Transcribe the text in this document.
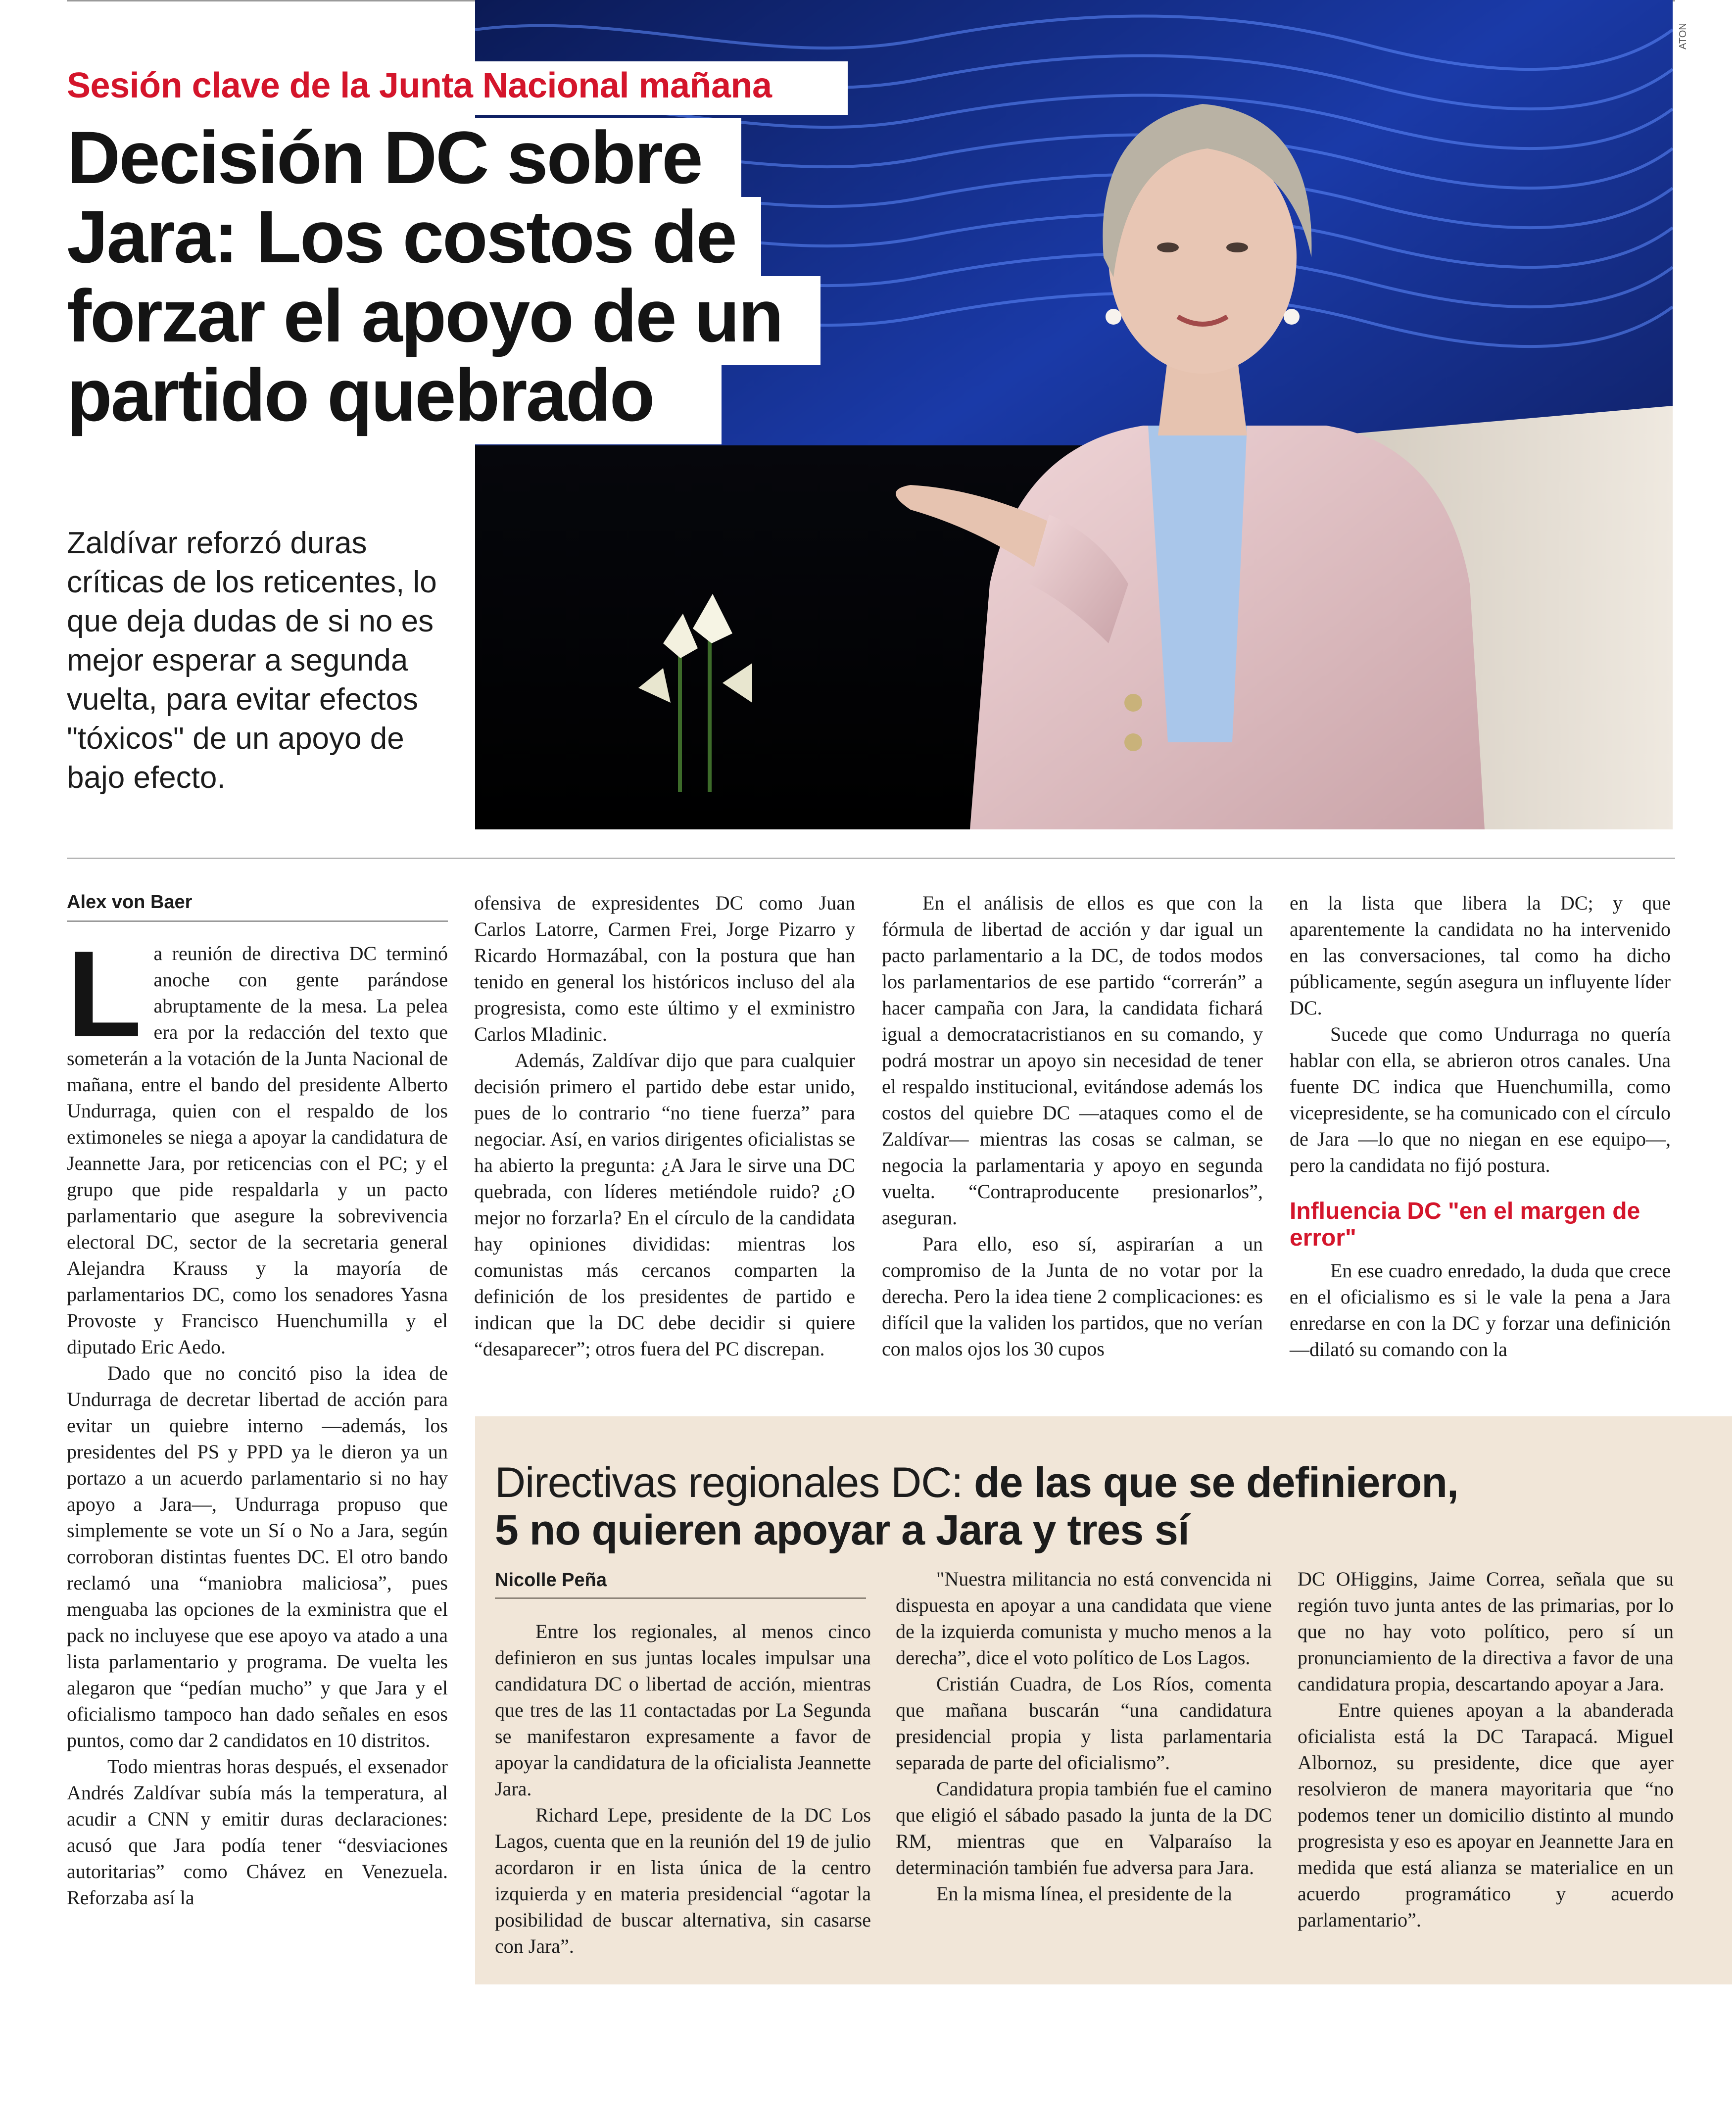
ATON
Sesión clave de la Junta Nacional mañana
Decisión DC sobre
Jara: Los costos de
forzar el apoyo de un
partido quebrado

Zaldívar reforzó duras críticas de los reticentes, lo que deja dudas de si no es mejor esperar a segunda vuelta, para evitar efectos "tóxicos" de un apoyo de bajo efecto.

Alex von Baer

La reunión de directiva DC terminó anoche con gente parándose abruptamente de la mesa. La pelea era por la redacción del texto que someterán a la votación de la Junta Nacional de mañana, entre el bando del presidente Alberto Undurraga, quien con el respaldo de los extimoneles se niega a apoyar la candidatura de Jeannette Jara, por reticencias con el PC; y el grupo que pide respaldarla y un pacto parlamentario que asegure la sobrevivencia electoral DC, sector de la secretaria general Alejandra Krauss y la mayoría de parlamentarios DC, como los senadores Yasna Provoste y Francisco Huenchumilla y el diputado Eric Aedo.

Dado que no concitó piso la idea de Undurraga de decretar libertad de acción para evitar un quiebre interno —además, los presidentes del PS y PPD ya le dieron ya un portazo a un acuerdo parlamentario si no hay apoyo a Jara—, Undurraga propuso que simplemente se vote un Sí o No a Jara, según corroboran distintas fuentes DC. El otro bando reclamó una “maniobra maliciosa”, pues menguaba las opciones de la exministra que el pack no incluyese que ese apoyo va atado a una lista parlamentario y programa. De vuelta les alegaron que “pedían mucho” y que Jara y el oficialismo tampoco han dado señales en esos puntos, como dar 2 candidatos en 10 distritos.

Todo mientras horas después, el exsenador Andrés Zaldívar subía más la temperatura, al acudir a CNN y emitir duras declaraciones: acusó que Jara podía tener “desviaciones autoritarias” como Chávez en Venezuela. Reforzaba así la

ofensiva de expresidentes DC como Juan Carlos Latorre, Carmen Frei, Jorge Pizarro y Ricardo Hormazábal, con la postura que han tenido en general los históricos incluso del ala progresista, como este último y el exministro Carlos Mladinic.

Además, Zaldívar dijo que para cualquier decisión primero el partido debe estar unido, pues de lo contrario “no tiene fuerza” para negociar. Así, en varios dirigentes oficialistas se ha abierto la pregunta: ¿A Jara le sirve una DC quebrada, con líderes metiéndole ruido? ¿O mejor no forzarla? En el círculo de la candidata hay opiniones divididas: mientras los comunistas más cercanos comparten la definición de los presidentes de partido e indican que la DC debe decidir si quiere “desaparecer”; otros fuera del PC discrepan.

En el análisis de ellos es que con la fórmula de libertad de acción y dar igual un pacto parlamentario a la DC, de todos modos los parlamentarios de ese partido “correrán” a hacer campaña con Jara, la candidata fichará igual a democratacristianos en su comando, y podrá mostrar un apoyo sin necesidad de tener el respaldo institucional, evitándose además los costos del quiebre DC —ataques como el de Zaldívar— mientras las cosas se calman, se negocia la parlamentaria y apoyo en segunda vuelta. “Contraproducente presionarlos”, aseguran.

Para ello, eso sí, aspirarían a un compromiso de la Junta de no votar por la derecha. Pero la idea tiene 2 complicaciones: es difícil que la validen los partidos, que no verían con malos ojos los 30 cupos

en la lista que libera la DC; y que aparentemente la candidata no ha intervenido en las conversaciones, tal como ha dicho públicamente, según asegura un influyente líder DC.

Sucede que como Undurraga no quería hablar con ella, se abrieron otros canales. Una fuente DC indica que Huenchumilla, como vicepresidente, se ha comunicado con el círculo de Jara —lo que no niegan en ese equipo—, pero la candidata no fijó postura.

Influencia DC "en el margen de error"

En ese cuadro enredado, la duda que crece en el oficialismo es si le vale la pena a Jara enredarse en con la DC y forzar una definición —dilató su comando con la

Directivas regionales DC: de las que se definieron,
5 no quieren apoyar a Jara y tres sí
Nicolle Peña

Entre los regionales, al menos cinco definieron en sus juntas locales impulsar una candidatura DC o libertad de acción, mientras que tres de las 11 contactadas por La Segunda se manifestaron expresamente a favor de apoyar la candidatura de la oficialista Jeannette Jara.

Richard Lepe, presidente de la DC Los Lagos, cuenta que en la reunión del 19 de julio acordaron ir en lista única de la centro izquierda y en materia presidencial “agotar la posibilidad de buscar alternativa, sin casarse con Jara”.

"Nuestra militancia no está convencida ni dispuesta en apoyar a una candidata que viene de la izquierda comunista y mucho menos a la derecha”, dice el voto político de Los Lagos.

Cristián Cuadra, de Los Ríos, comenta que mañana buscarán “una candidatura presidencial propia y lista parlamentaria separada de parte del oficialismo”.

Candidatura propia también fue el camino que eligió el sábado pasado la junta de la DC RM, mientras que en Valparaíso la determinación también fue adversa para Jara.

En la misma línea, el presidente de la

DC OHiggins, Jaime Correa, señala que su región tuvo junta antes de las primarias, por lo que no hay voto político, pero sí un pronunciamiento de la directiva a favor de una candidatura propia, descartando apoyar a Jara.

Entre quienes apoyan a la abanderada oficialista está la DC Tarapacá. Miguel Albornoz, su presidente, dice que ayer resolvieron de manera mayoritaria que “no podemos tener un domicilio distinto al mundo progresista y eso es apoyar en Jeannette Jara en medida que está alianza se materialice en un acuerdo programático y acuerdo parlamentario”.
